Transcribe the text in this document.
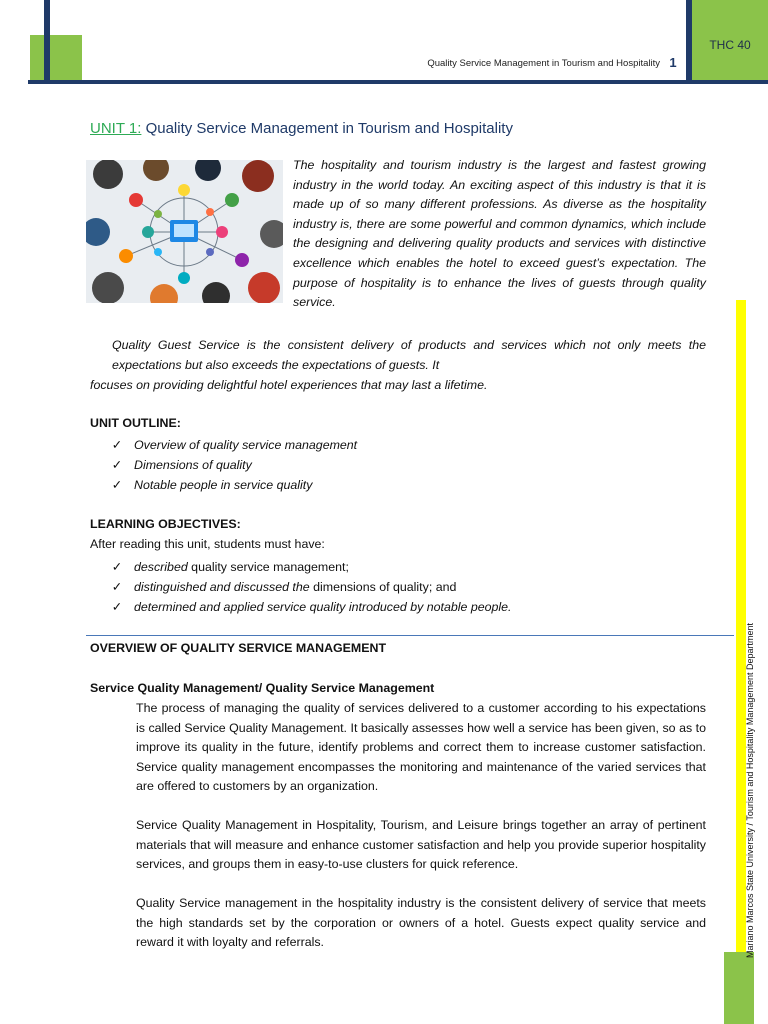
THC 40
Quality Service Management in Tourism and Hospitality 1
Mariano Marcos State University / Tourism and Hospitality Management Department
UNIT 1: Quality Service Management in Tourism and Hospitality
The hospitality and tourism industry is the largest and fastest growing industry in the world today. An exciting aspect of this industry is that it is made up of so many different professions. As diverse as the hospitality industry is, there are some powerful and common dynamics, which include the designing and delivering quality products and services with distinctive excellence which enables the hotel to exceed guest’s expectation. The purpose of hospitality is to enhance the lives of guests through quality service.
Quality Guest Service is the consistent delivery of products and services which not only meets the expectations but also exceeds the expectations of guests. It
focuses on providing delightful hotel experiences that may last a lifetime.
UNIT OUTLINE:
✓ Overview of quality service management
✓ Dimensions of quality
✓ Notable people in service quality
LEARNING OBJECTIVES:
After reading this unit, students must have:
✓ described quality service management;
✓ distinguished and discussed the dimensions of quality; and
✓ determined and applied service quality introduced by notable people.
OVERVIEW OF QUALITY SERVICE MANAGEMENT
Service Quality Management/ Quality Service Management
The process of managing the quality of services delivered to a customer according to his expectations is called Service Quality Management. It basically assesses how well a service has been given, so as to improve its quality in the future, identify problems and correct them to increase customer satisfaction. Service quality management encompasses the monitoring and maintenance of the varied services that are offered to customers by an organization.
Service Quality Management in Hospitality, Tourism, and Leisure brings together an array of pertinent materials that will measure and enhance customer satisfaction and help you provide superior hospitality services, and groups them in easy-to-use clusters for quick reference.
Quality Service management in the hospitality industry is the consistent delivery of service that meets the high standards set by the corporation or owners of a hotel. Guests expect quality service and reward it with loyalty and referrals.
